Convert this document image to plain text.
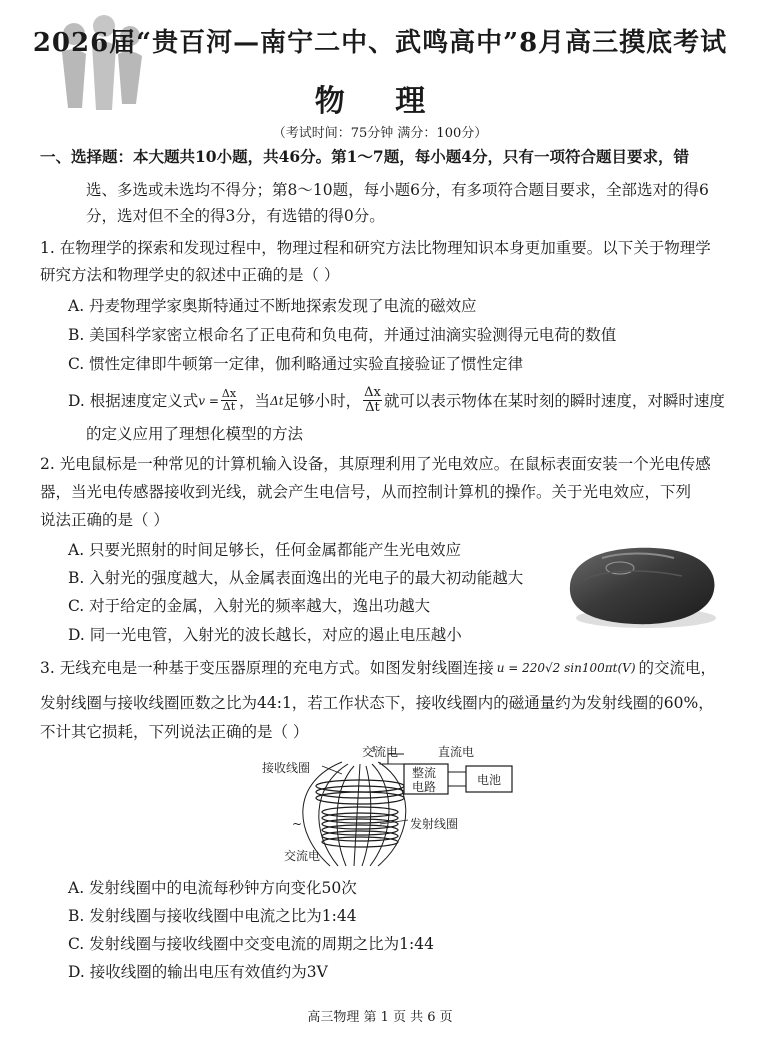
2026届“贵百河—南宁二中、武鸣高中”8月高三摸底考试
物 理
（考试时间：75分钟 满分：100分）
一、选择题：本大题共10小题，共46分。第1～7题，每小题4分，只有一项符合题目要求，错
选、多选或未选均不得分；第8～10题，每小题6分，有多项符合题目要求，全部选对的得6
分，选对但不全的得3分，有选错的得0分。
1. 在物理学的探索和发现过程中，物理过程和研究方法比物理知识本身更加重要。以下关于物理学
研究方法和物理学史的叙述中正确的是（ ）
A. 丹麦物理学家奥斯特通过不断地探索发现了电流的磁效应
B. 美国科学家密立根命名了正电荷和负电荷，并通过油滴实验测得元电荷的数值
C. 惯性定律即牛顿第一定律，伽利略通过实验直接验证了惯性定律
D. 根据速度定义式 $v = \frac{\Delta x}{\Delta t}$ ，当 Δt 足够小时， $\frac{\Delta x}{\Delta t}$ 就可以表示物体在某时刻的瞬时速度，对瞬时速度
的定义应用了理想化模型的方法
2. 光电鼠标是一种常见的计算机输入设备，其原理利用了光电效应。在鼠标表面安装一个光电传感
器，当光电传感器接收到光线，就会产生电信号，从而控制计算机的操作。关于光电效应，下列
说法正确的是（ ）
A. 只要光照射的时间足够长，任何金属都能产生光电效应
B. 入射光的强度越大，从金属表面逸出的光电子的最大初动能越大
C. 对于给定的金属，入射光的频率越大，逸出功越大
D. 同一光电管，入射光的波长越长，对应的遏止电压越小
3. 无线充电是一种基于变压器原理的充电方式。如图发射线圈连接 u = 220√2 sin100πt(V) 的交流电，
发射线圈与接收线圈匝数之比为44:1，若工作状态下，接收线圈内的磁通量约为发射线圈的60%，
不计其它损耗，下列说法正确的是（ ）
交流电	直流电
整流
电路	电池
接收线圈
发射线圈
交流电
~
A. 发射线圈中的电流每秒钟方向变化50次
B. 发射线圈与接收线圈中电流之比为1:44
C. 发射线圈与接收线圈中交变电流的周期之比为1:44
D. 接收线圈的输出电压有效值约为3V
高三物理 第 1 页 共 6 页
